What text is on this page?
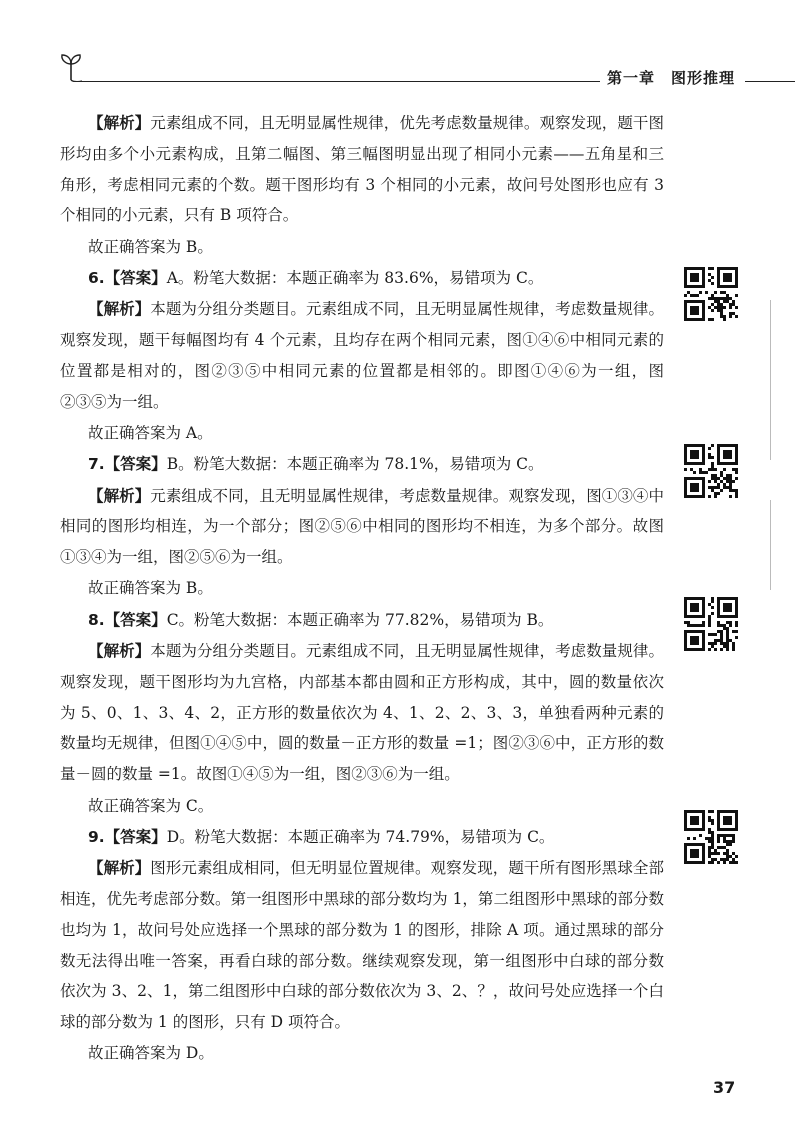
第一章　图形推理

【解析】元素组成不同，且无明显属性规律，优先考虑数量规律。观察发现，题干图形均由多个小元素构成，且第二幅图、第三幅图明显出现了相同小元素——五角星和三角形，考虑相同元素的个数。题干图形均有 3 个相同的小元素，故问号处图形也应有 3 个相同的小元素，只有 B 项符合。

故正确答案为 B。

6.【答案】A。粉笔大数据：本题正确率为 83.6%，易错项为 C。

【解析】本题为分组分类题目。元素组成不同，且无明显属性规律，考虑数量规律。观察发现，题干每幅图均有 4 个元素，且均存在两个相同元素，图①④⑥中相同元素的位置都是相对的，图②③⑤中相同元素的位置都是相邻的。即图①④⑥为一组，图②③⑤为一组。

故正确答案为 A。

7.【答案】B。粉笔大数据：本题正确率为 78.1%，易错项为 C。

【解析】元素组成不同，且无明显属性规律，考虑数量规律。观察发现，图①③④中相同的图形均相连，为一个部分；图②⑤⑥中相同的图形均不相连，为多个部分。故图①③④为一组，图②⑤⑥为一组。

故正确答案为 B。

8.【答案】C。粉笔大数据：本题正确率为 77.82%，易错项为 B。

【解析】本题为分组分类题目。元素组成不同，且无明显属性规律，考虑数量规律。观察发现，题干图形均为九宫格，内部基本都由圆和正方形构成，其中，圆的数量依次为 5、0、1、3、4、2，正方形的数量依次为 4、1、2、2、3、3，单独看两种元素的数量均无规律，但图①④⑤中，圆的数量－正方形的数量 =1；图②③⑥中，正方形的数量－圆的数量 =1。故图①④⑤为一组，图②③⑥为一组。

故正确答案为 C。

9.【答案】D。粉笔大数据：本题正确率为 74.79%，易错项为 C。

【解析】图形元素组成相同，但无明显位置规律。观察发现，题干所有图形黑球全部相连，优先考虑部分数。第一组图形中黑球的部分数均为 1，第二组图形中黑球的部分数也均为 1，故问号处应选择一个黑球的部分数为 1 的图形，排除 A 项。通过黑球的部分数无法得出唯一答案，再看白球的部分数。继续观察发现，第一组图形中白球的部分数依次为 3、2、1，第二组图形中白球的部分数依次为 3、2、？，故问号处应选择一个白球的部分数为 1 的图形，只有 D 项符合。

故正确答案为 D。

37
